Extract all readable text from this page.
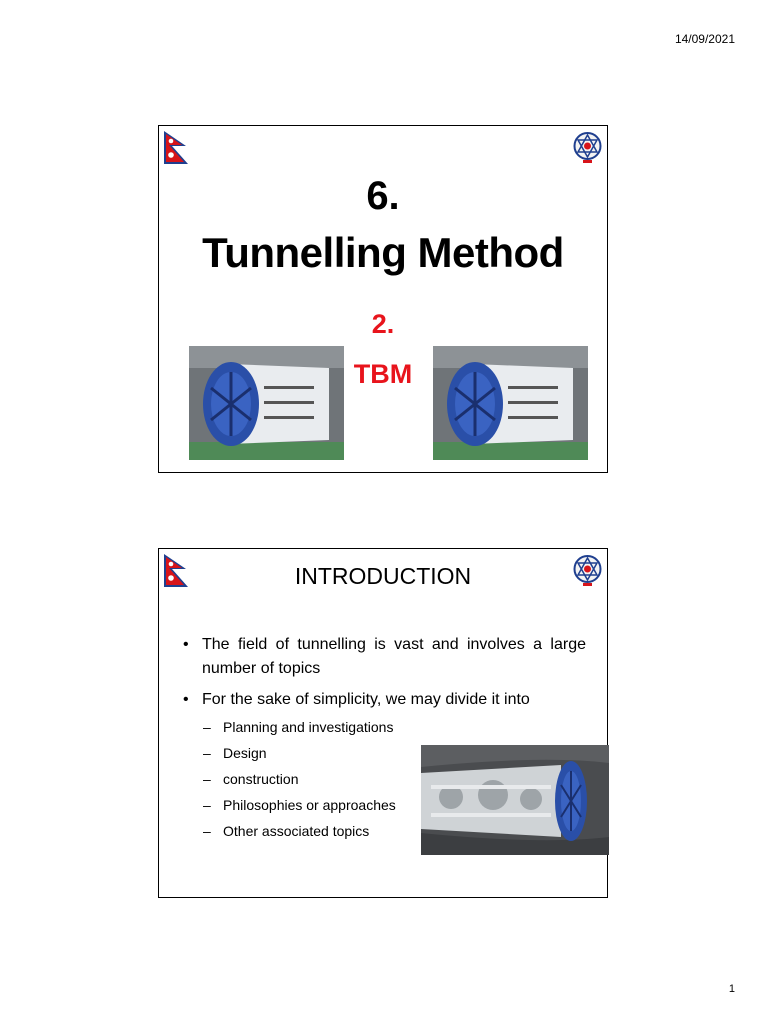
14/09/2021
6.
Tunnelling Method
2.
TBM
INTRODUCTION
• The field of tunnelling is vast and involves a large number of topics
• For the sake of simplicity, we may divide it into
– Planning and investigations
– Design
– construction
– Philosophies or approaches
– Other associated topics
1
